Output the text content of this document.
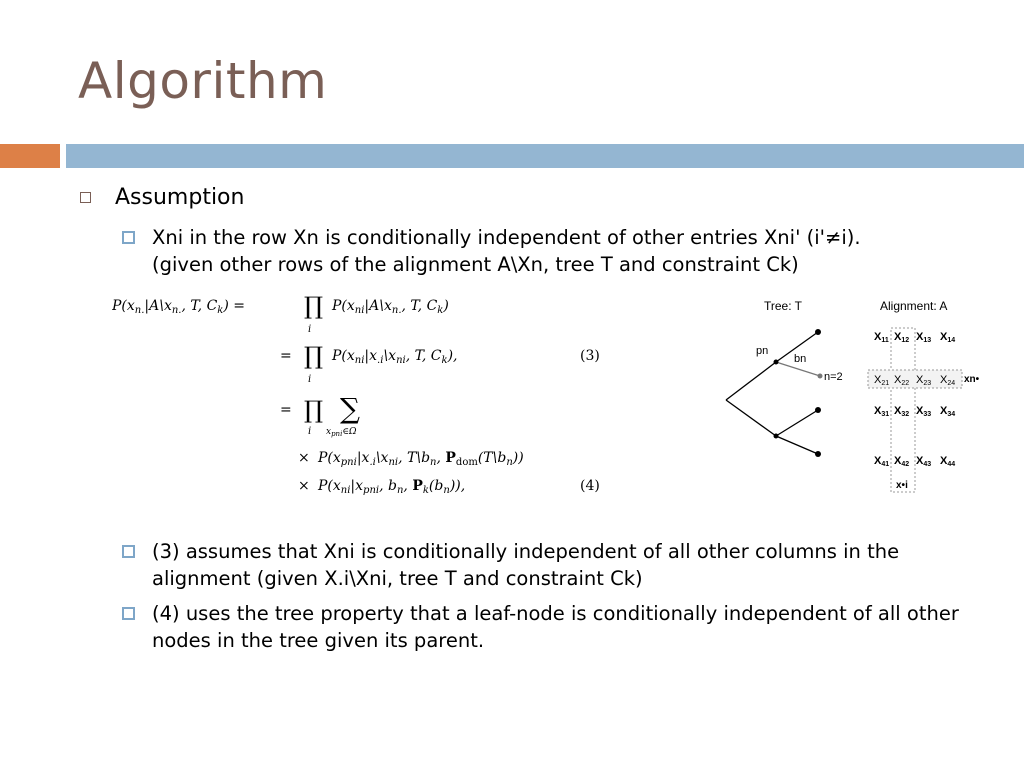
Algorithm
Assumption
Xni in the row Xn is conditionally independent of other entries Xni' (i'≠i).
(given other rows of the alignment A\Xn, tree T and constraint Ck)
$P(x_{n.}|A\backslash x_{n.}$, T, $C_k$) = ∏
i
$P(x_{ni}|A\backslash x_{n.}$, T, $C_k$)
= ∏
i
$P(x_{ni}|x_{.i}\backslash x_{ni}$, T, $C_k$),	(3)
= ∏
i
∑
$x_{pni}\in\Omega$
× $P(x_{pni}|x_{.i}\backslash x_{ni}$, $T\backslash b_n$, $P_{dom}(T\backslash b_n)$)
× $P(x_{ni}|x_{pni}$, $b_n$, $P_k(b_n)$),	(4)
Tree: T
pn
bn
n=2
Alignment: A
X11 X12 X13 X14
X21 X22 X23 X24
X31 X32 X33 X34
X41 X42 X43 X44
xn•
x•i
(3) assumes that Xni is conditionally independent of all other columns in the alignment (given X.i\Xni, tree T and constraint Ck)
(4) uses the tree property that a leaf-node is conditionally independent of all other nodes in the tree given its parent.
